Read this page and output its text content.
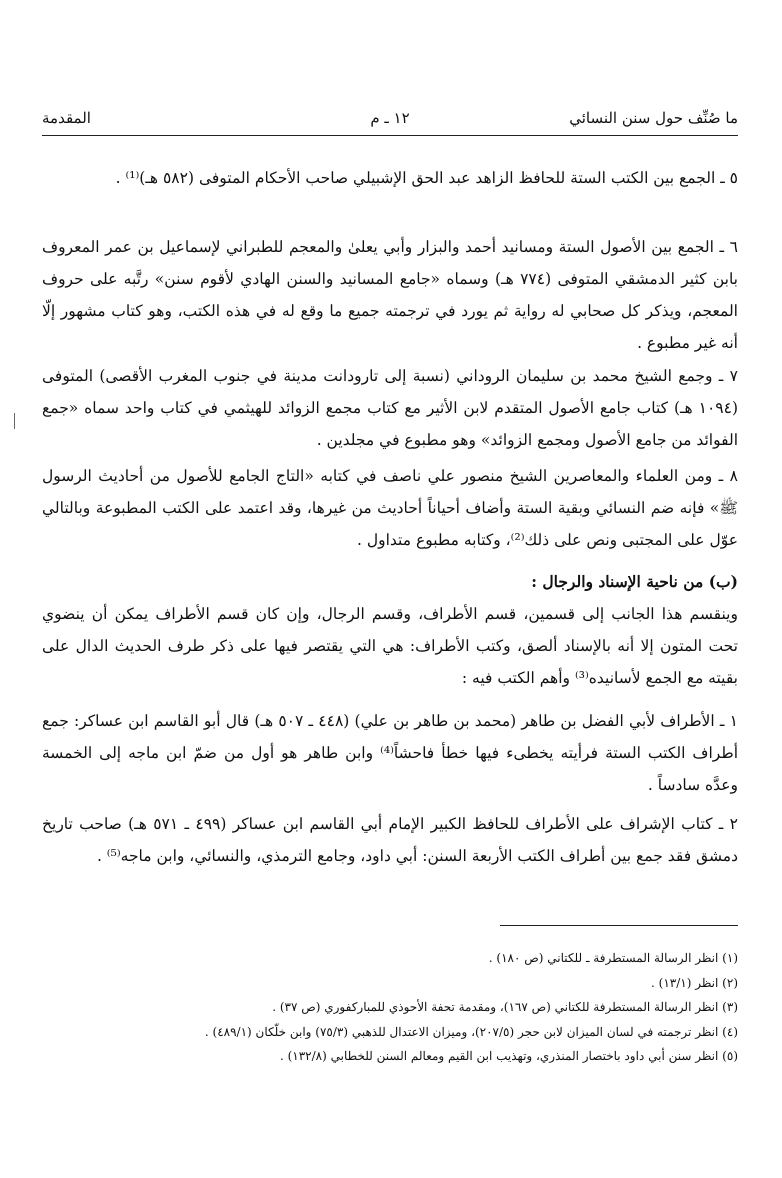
ما صُنِّف حول سنن النسائي
١٢ ـ م
المقدمة

٥ ـ الجمع بين الكتب الستة للحافظ الزاهد عبد الحق الإشبيلي صاحب الأحكام المتوفى (٥٨٢ هـ)⁽¹⁾ .

٦ ـ الجمع بين الأصول الستة ومسانيد أحمد والبزار وأبي يعلىٰ والمعجم للطبراني لإسماعيل بن عمر المعروف بابن كثير الدمشقي المتوفى (٧٧٤ هـ) وسماه «جامع المسانيد والسنن الهادي لأقوم سنن» رتَّبه على حروف المعجم، ويذكر كل صحابي له رواية ثم يورد في ترجمته جميع ما وقع له في هذه الكتب، وهو كتاب مشهور إلّا أنه غير مطبوع .

٧ ـ وجمع الشيخ محمد بن سليمان الروداني (نسبة إلى تارودانت مدينة في جنوب المغرب الأقصى) المتوفى (١٠٩٤ هـ) كتاب جامع الأصول المتقدم لابن الأثير مع كتاب مجمع الزوائد للهيثمي في كتاب واحد سماه «جمع الفوائد من جامع الأصول ومجمع الزوائد» وهو مطبوع في مجلدين .

٨ ـ ومن العلماء والمعاصرين الشيخ منصور علي ناصف في كتابه «التاج الجامع للأصول من أحاديث الرسول ﷺ» فإنه ضم النسائي وبقية الستة وأضاف أحياناً أحاديث من غيرها، وقد اعتمد على الكتب المطبوعة وبالتالي عوّل على المجتبى ونص على ذلك⁽²⁾، وكتابه مطبوع متداول .

(ب) من ناحية الإسناد والرجال :

وينقسم هذا الجانب إلى قسمين، قسم الأطراف، وقسم الرجال، وإن كان قسم الأطراف يمكن أن ينضوي تحت المتون إلا أنه بالإسناد ألصق، وكتب الأطراف: هي التي يقتصر فيها على ذكر طرف الحديث الدال على بقيته مع الجمع لأسانيده⁽³⁾ وأهم الكتب فيه :

١ ـ الأطراف لأبي الفضل بن طاهر (محمد بن طاهر بن علي) (٤٤٨ ـ ٥٠٧ هـ) قال أبو القاسم ابن عساكر: جمع أطراف الكتب الستة فرأيته يخطىء فيها خطأ فاحشاً⁽⁴⁾ وابن طاهر هو أول من ضمّ ابن ماجه إلى الخمسة وعدَّه سادساً .

٢ ـ كتاب الإشراف على الأطراف للحافظ الكبير الإمام أبي القاسم ابن عساكر (٤٩٩ ـ ٥٧١ هـ) صاحب تاريخ دمشق فقد جمع بين أطراف الكتب الأربعة السنن: أبي داود، وجامع الترمذي، والنسائي، وابن ماجه⁽⁵⁾ .

(١) انظر الرسالة المستطرفة ـ للكتاني (ص ١٨٠) .
(٢) انظر (١٣/١) .
(٣) انظر الرسالة المستطرفة للكتاني (ص ١٦٧)، ومقدمة تحفة الأحوذي للمباركفوري (ص ٣٧) .
(٤) انظر ترجمته في لسان الميزان لابن حجر (٢٠٧/٥)، وميزان الاعتدال للذهبي (٧٥/٣) وابن خلّكان (٤٨٩/١) .
(٥) انظر سنن أبي داود باختصار المنذري، وتهذيب ابن القيم ومعالم السنن للخطابي (١٣٢/٨) .
